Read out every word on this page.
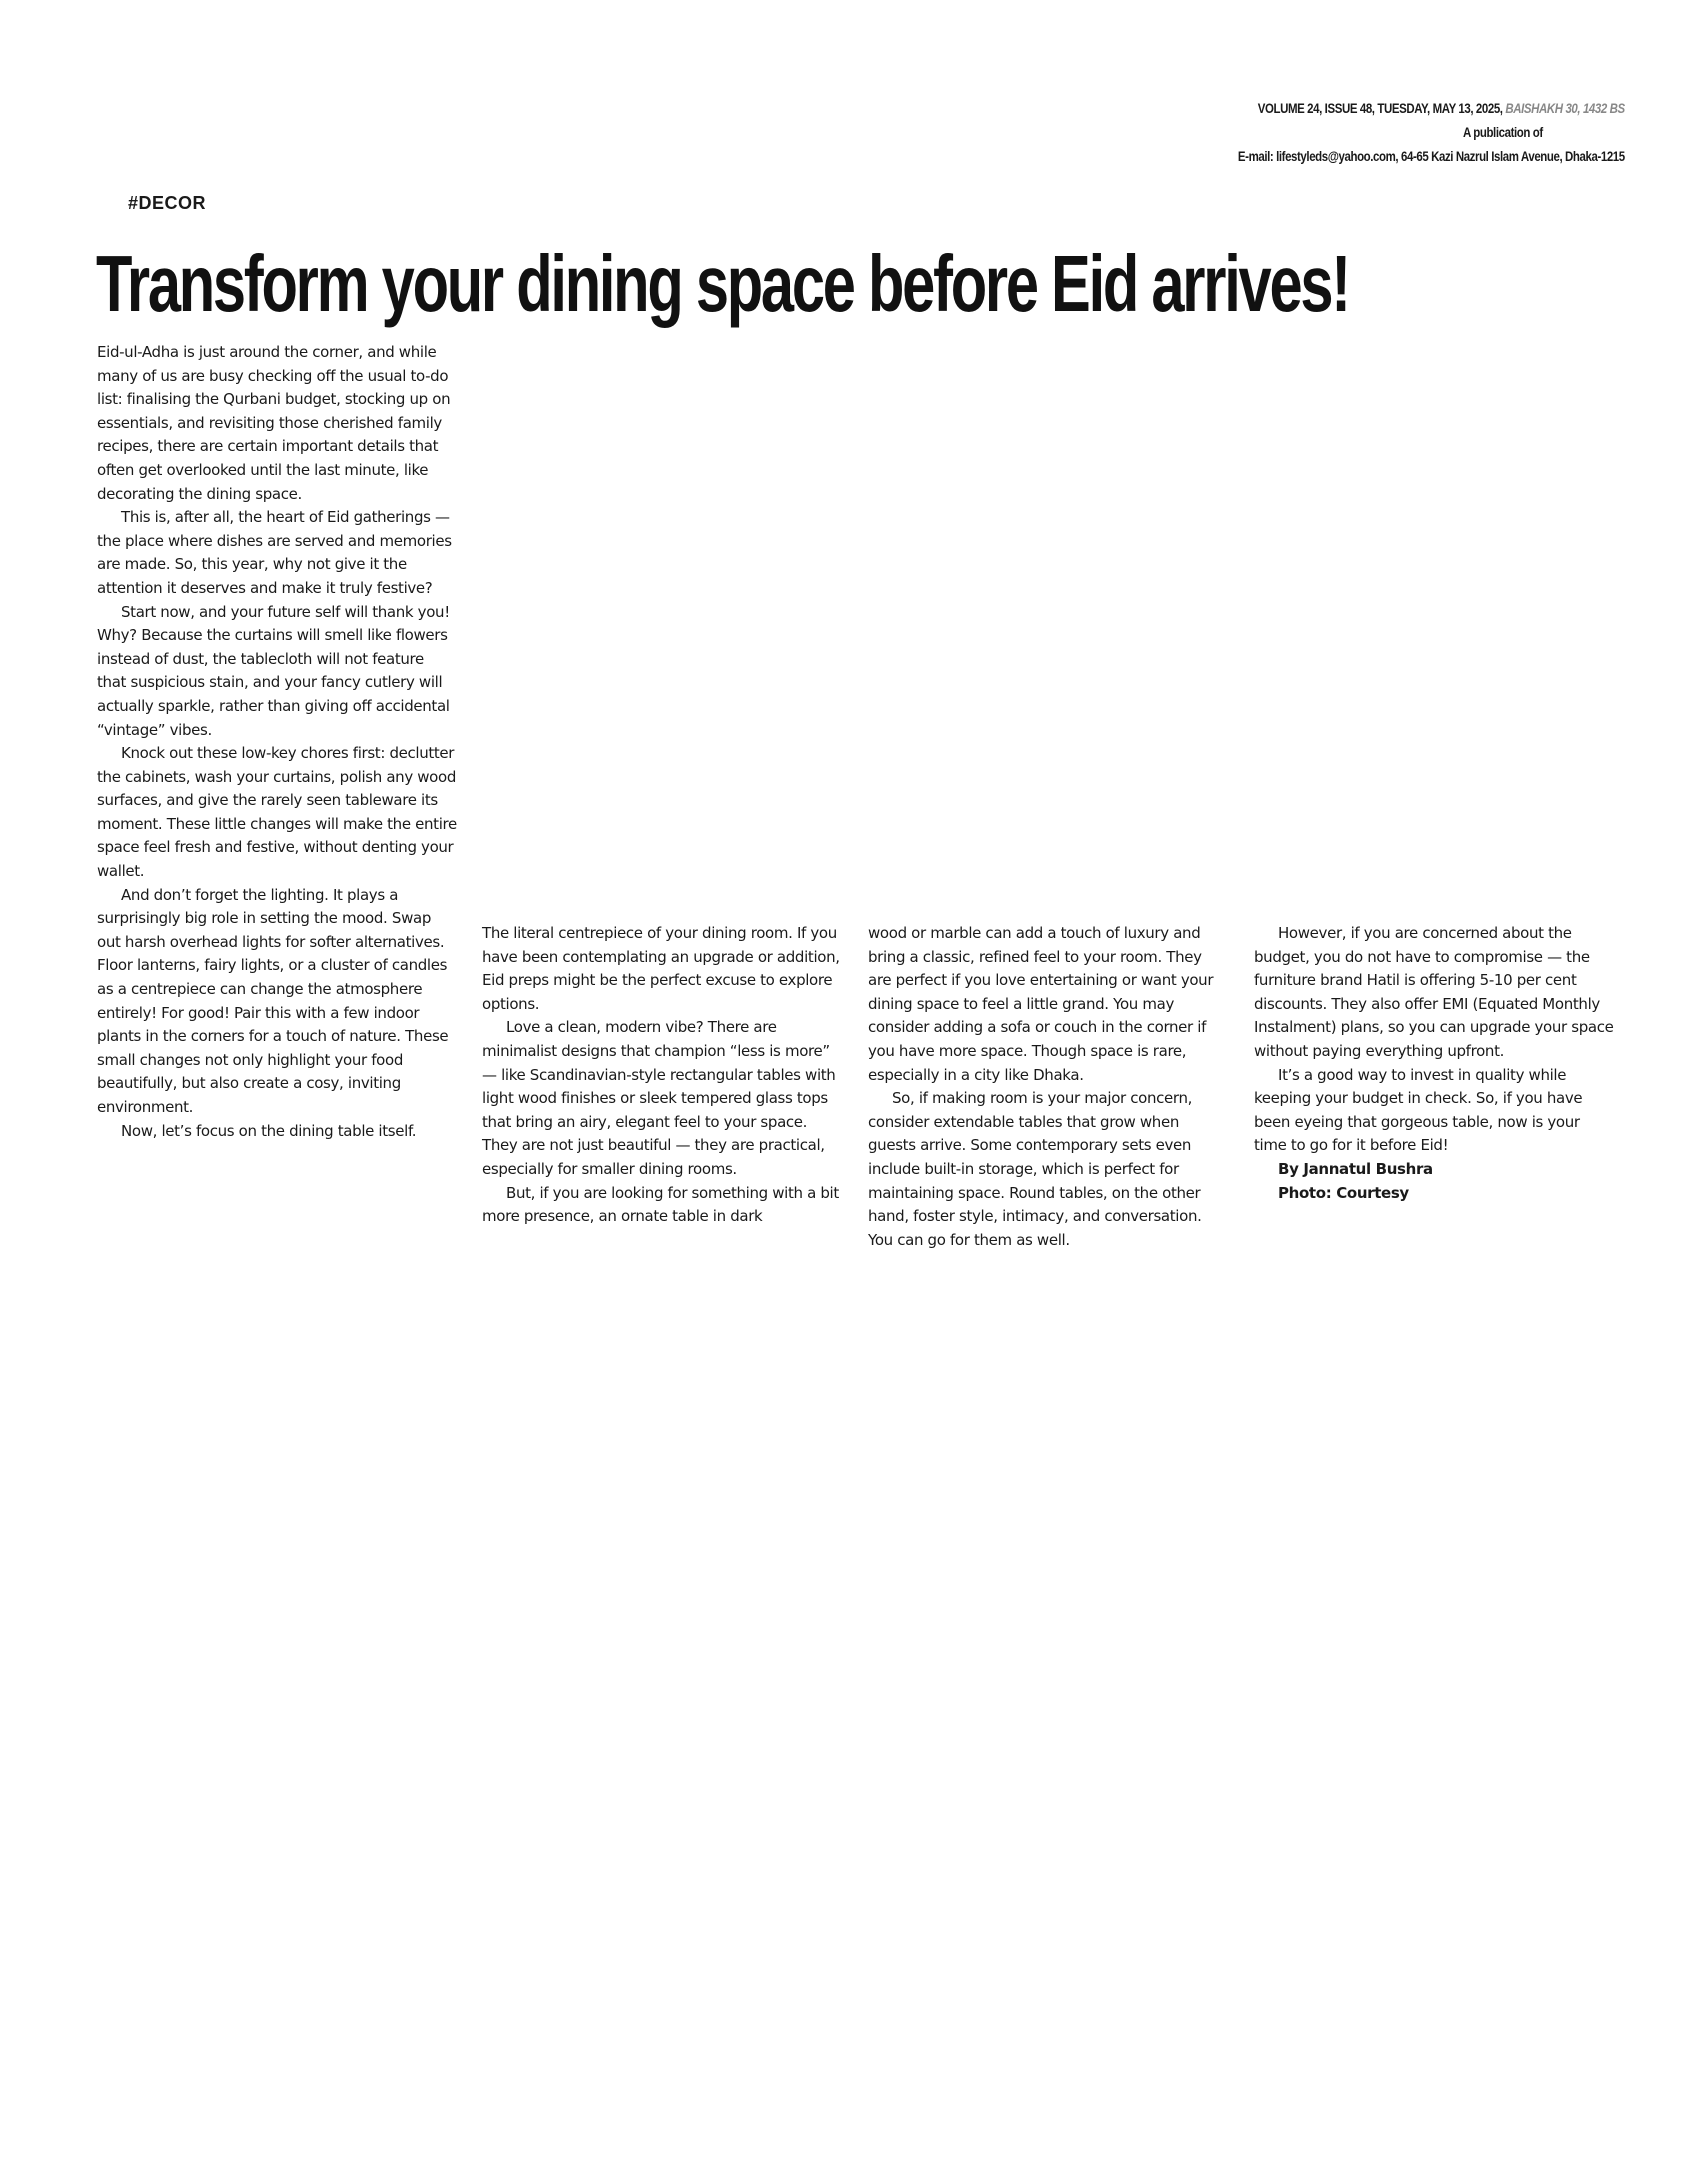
VOLUME 24, ISSUE 48, TUESDAY, MAY 13, 2025, BAISHAKH 30, 1432 BS
A publication of
E-mail: lifestyleds@yahoo.com, 64-65 Kazi Nazrul Islam Avenue, Dhaka-1215
#DECOR
Transform your dining space before Eid arrives!

Eid-ul-Adha is just around the corner, and while many of us are busy checking off the usual to-do list: finalising the Qurbani budget, stocking up on essentials, and revisiting those cherished family recipes, there are certain important details that often get overlooked until the last minute, like decorating the dining space.

This is, after all, the heart of Eid gatherings — the place where dishes are served and memories are made. So, this year, why not give it the attention it deserves and make it truly festive?

Start now, and your future self will thank you! Why? Because the curtains will smell like flowers instead of dust, the tablecloth will not feature that suspicious stain, and your fancy cutlery will actually sparkle, rather than giving off accidental “vintage” vibes.

Knock out these low-key chores first: declutter the cabinets, wash your curtains, polish any wood surfaces, and give the rarely seen tableware its moment. These little changes will make the entire space feel fresh and festive, without denting your wallet.

And don’t forget the lighting. It plays a surprisingly big role in setting the mood. Swap out harsh overhead lights for softer alternatives. Floor lanterns, fairy lights, or a cluster of candles as a centrepiece can change the atmosphere entirely! For good! Pair this with a few indoor plants in the corners for a touch of nature. These small changes not only highlight your food beautifully, but also create a cosy, inviting environment.

Now, let’s focus on the dining table itself.

The literal centrepiece of your dining room. If you have been contemplating an upgrade or addition, Eid preps might be the perfect excuse to explore options.

Love a clean, modern vibe? There are minimalist designs that champion “less is more” — like Scandinavian-style rectangular tables with light wood finishes or sleek tempered glass tops that bring an airy, elegant feel to your space. They are not just beautiful — they are practical, especially for smaller dining rooms.

But, if you are looking for something with a bit more presence, an ornate table in dark

wood or marble can add a touch of luxury and bring a classic, refined feel to your room. They are perfect if you love entertaining or want your dining space to feel a little grand. You may consider adding a sofa or couch in the corner if you have more space. Though space is rare, especially in a city like Dhaka.

So, if making room is your major concern, consider extendable tables that grow when guests arrive. Some contemporary sets even include built-in storage, which is perfect for maintaining space. Round tables, on the other hand, foster style, intimacy, and conversation. You can go for them as well.

However, if you are concerned about the budget, you do not have to compromise — the furniture brand Hatil is offering 5-10 per cent discounts. They also offer EMI (Equated Monthly Instalment) plans, so you can upgrade your space without paying everything upfront.

It’s a good way to invest in quality while keeping your budget in check. So, if you have been eyeing that gorgeous table, now is your time to go for it before Eid!

By Jannatul Bushra
Photo: Courtesy
